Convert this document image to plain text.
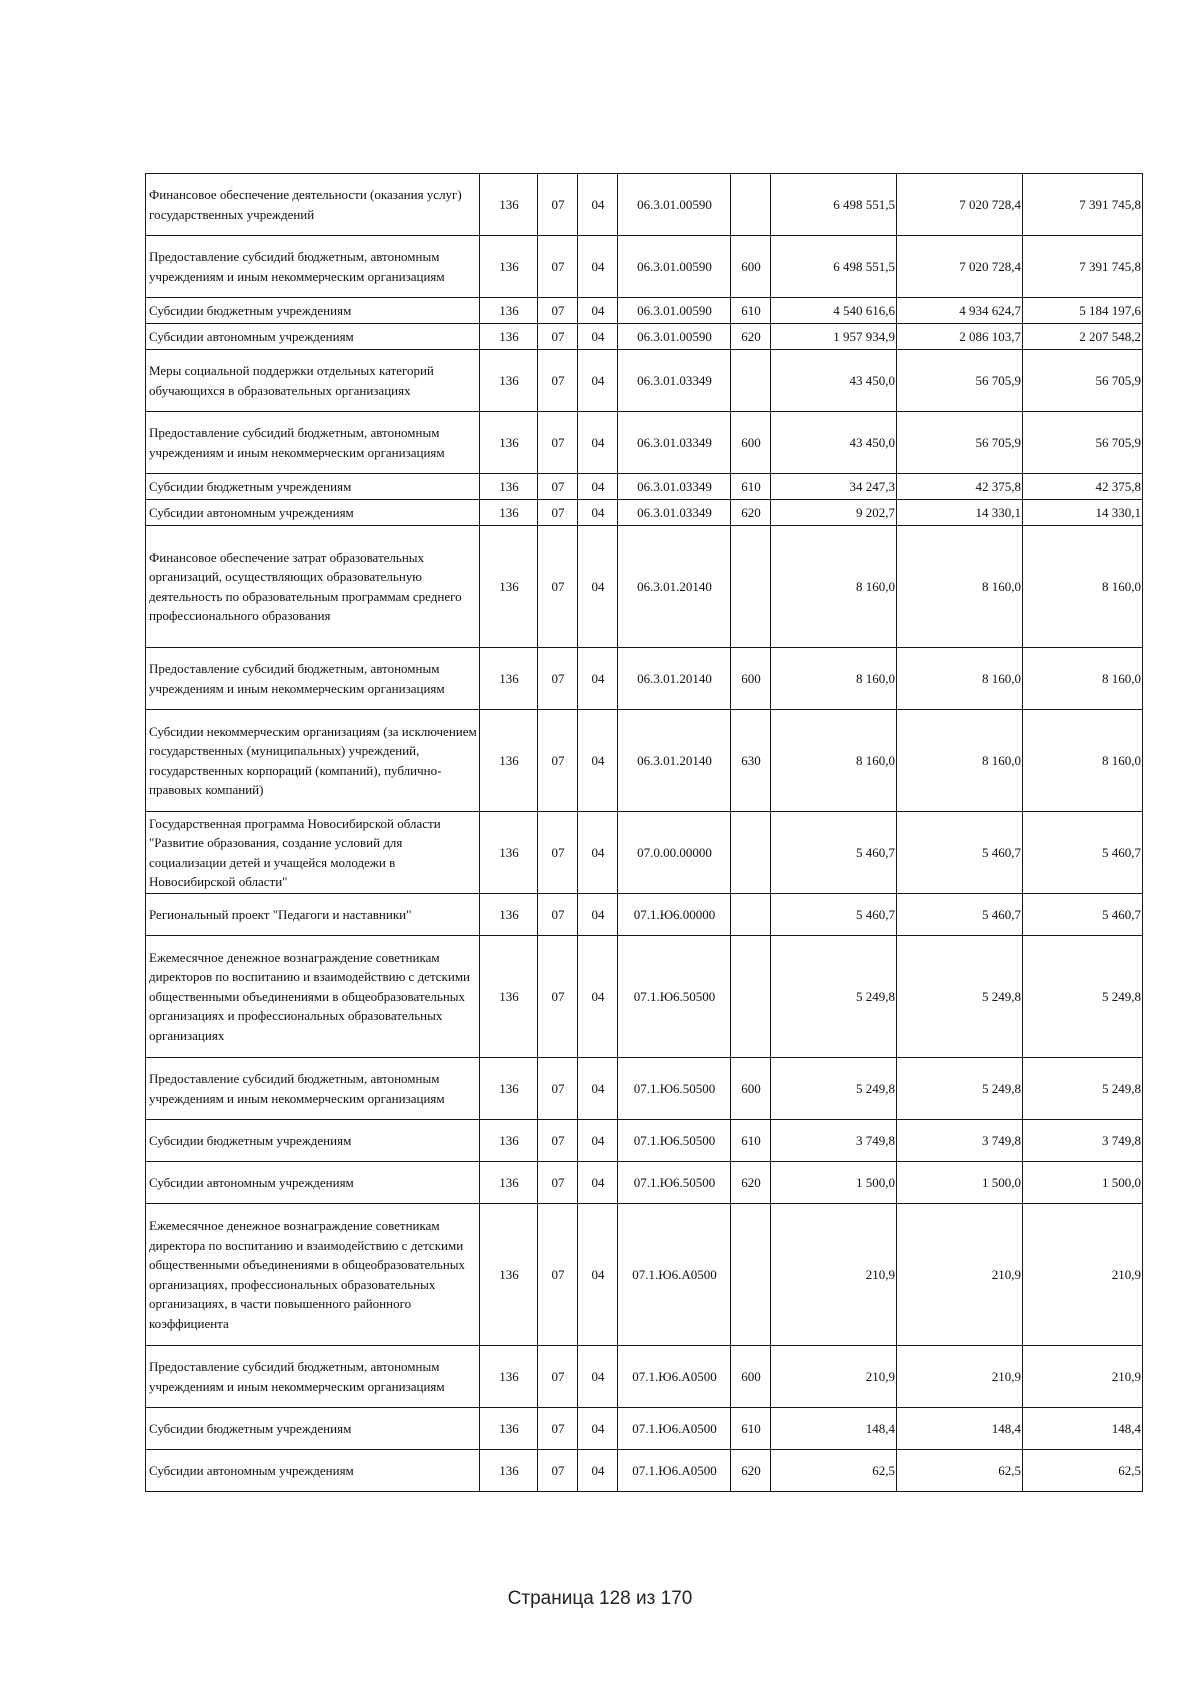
Финансовое обеспечение деятельности (оказания услуг) государственных учреждений	136	07	04	06.3.01.00590		6 498 551,5	7 020 728,4	7 391 745,8
Предоставление субсидий бюджетным, автономным учреждениям и иным некоммерческим организациям	136	07	04	06.3.01.00590	600	6 498 551,5	7 020 728,4	7 391 745,8
Субсидии бюджетным учреждениям	136	07	04	06.3.01.00590	610	4 540 616,6	4 934 624,7	5 184 197,6
Субсидии автономным учреждениям	136	07	04	06.3.01.00590	620	1 957 934,9	2 086 103,7	2 207 548,2
Меры социальной поддержки отдельных категорий обучающихся в образовательных организациях	136	07	04	06.3.01.03349		43 450,0	56 705,9	56 705,9
Предоставление субсидий бюджетным, автономным учреждениям и иным некоммерческим организациям	136	07	04	06.3.01.03349	600	43 450,0	56 705,9	56 705,9
Субсидии бюджетным учреждениям	136	07	04	06.3.01.03349	610	34 247,3	42 375,8	42 375,8
Субсидии автономным учреждениям	136	07	04	06.3.01.03349	620	9 202,7	14 330,1	14 330,1
Финансовое обеспечение затрат образовательных организаций, осуществляющих образовательную деятельность по образовательным программам среднего профессионального образования	136	07	04	06.3.01.20140		8 160,0	8 160,0	8 160,0
Предоставление субсидий бюджетным, автономным учреждениям и иным некоммерческим организациям	136	07	04	06.3.01.20140	600	8 160,0	8 160,0	8 160,0
Субсидии некоммерческим организациям (за исключением государственных (муниципальных) учреждений, государственных корпораций (компаний), публично-правовых компаний)	136	07	04	06.3.01.20140	630	8 160,0	8 160,0	8 160,0
Государственная программа Новосибирской области "Развитие образования, создание условий для социализации детей и учащейся молодежи в Новосибирской области"	136	07	04	07.0.00.00000		5 460,7	5 460,7	5 460,7
Региональный проект "Педагоги и наставники"	136	07	04	07.1.Ю6.00000		5 460,7	5 460,7	5 460,7
Ежемесячное денежное вознаграждение советникам директоров по воспитанию и взаимодействию с детскими общественными объединениями в общеобразовательных организациях и профессиональных образовательных организациях	136	07	04	07.1.Ю6.50500		5 249,8	5 249,8	5 249,8
Предоставление субсидий бюджетным, автономным учреждениям и иным некоммерческим организациям	136	07	04	07.1.Ю6.50500	600	5 249,8	5 249,8	5 249,8
Субсидии бюджетным учреждениям	136	07	04	07.1.Ю6.50500	610	3 749,8	3 749,8	3 749,8
Субсидии автономным учреждениям	136	07	04	07.1.Ю6.50500	620	1 500,0	1 500,0	1 500,0
Ежемесячное денежное вознаграждение советникам директора по воспитанию и взаимодействию с детскими общественными объединениями в общеобразовательных организациях, профессиональных образовательных организациях, в части повышенного районного коэффициента	136	07	04	07.1.Ю6.А0500		210,9	210,9	210,9
Предоставление субсидий бюджетным, автономным учреждениям и иным некоммерческим организациям	136	07	04	07.1.Ю6.А0500	600	210,9	210,9	210,9
Субсидии бюджетным учреждениям	136	07	04	07.1.Ю6.А0500	610	148,4	148,4	148,4
Субсидии автономным учреждениям	136	07	04	07.1.Ю6.А0500	620	62,5	62,5	62,5
Страница 128 из 170
